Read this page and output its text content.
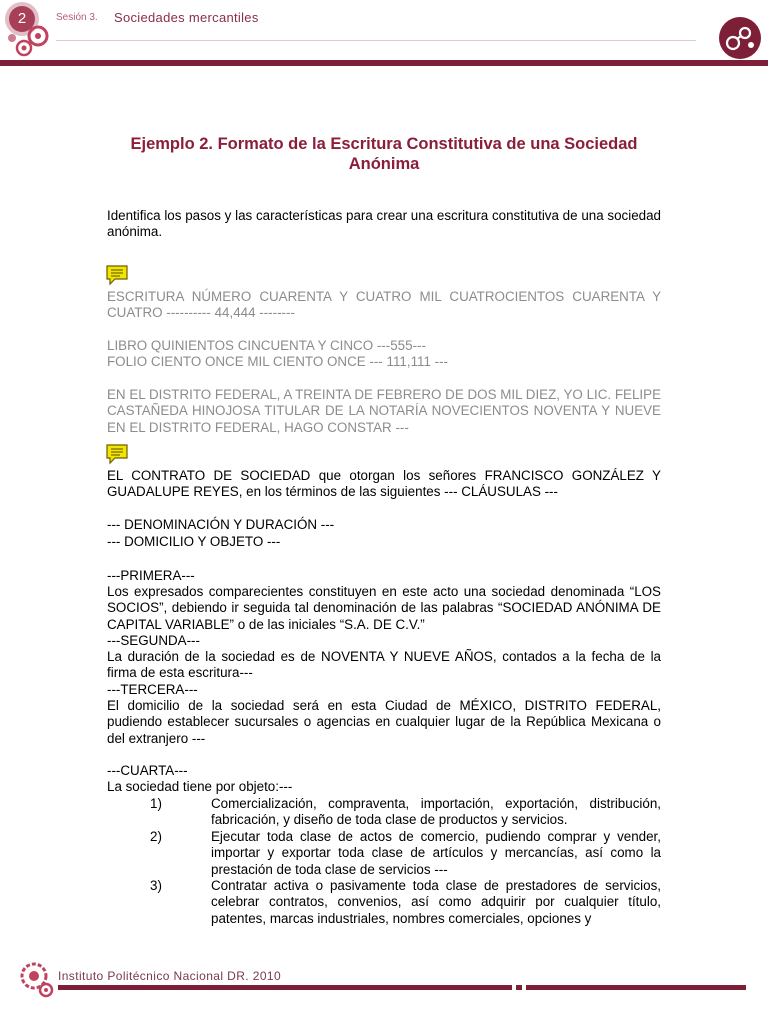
2	Sesión 3. Sociedades mercantiles
Ejemplo 2. Formato de la Escritura Constitutiva de una Sociedad Anónima
Identifica los pasos y las características para crear una escritura constitutiva de una sociedad anónima.
ESCRITURA NÚMERO CUARENTA Y CUATRO MIL CUATROCIENTOS CUARENTA Y CUATRO ---------- 44,444 --------
LIBRO QUINIENTOS CINCUENTA Y CINCO ---555---
FOLIO CIENTO ONCE MIL CIENTO ONCE --- 111,111 ---
EN EL DISTRITO FEDERAL, A TREINTA DE FEBRERO DE DOS MIL DIEZ, YO LIC. FELIPE CASTAÑEDA HINOJOSA TITULAR DE LA NOTARÍA NOVECIENTOS NOVENTA Y NUEVE EN EL DISTRITO FEDERAL, HAGO CONSTAR ---
EL CONTRATO DE SOCIEDAD que otorgan los señores FRANCISCO GONZÁLEZ Y GUADALUPE REYES, en los términos de las siguientes --- CLÁUSULAS ---
--- DENOMINACIÓN Y DURACIÓN ---
--- DOMICILIO Y OBJETO ---
---PRIMERA---
Los expresados comparecientes constituyen en este acto una sociedad denominada “LOS SOCIOS”, debiendo ir seguida tal denominación de las palabras “SOCIEDAD ANÓNIMA DE CAPITAL VARIABLE” o de las iniciales “S.A. DE C.V.”
---SEGUNDA---
La duración de la sociedad es de NOVENTA Y NUEVE AÑOS, contados a la fecha de la firma de esta escritura---
---TERCERA---
El domicilio de la sociedad será en esta Ciudad de MÉXICO, DISTRITO FEDERAL, pudiendo establecer sucursales o agencias en cualquier lugar de la República Mexicana o del extranjero ---
---CUARTA---
La sociedad tiene por objeto:---
1)	Comercialización, compraventa, importación, exportación, distribución, fabricación, y diseño de toda clase de productos y servicios.
2)	Ejecutar toda clase de actos de comercio, pudiendo comprar y vender, importar y exportar toda clase de artículos y mercancías, así como la prestación de toda clase de servicios ---
3)	Contratar activa o pasivamente toda clase de prestadores de servicios, celebrar contratos, convenios, así como adquirir por cualquier título, patentes, marcas industriales, nombres comerciales, opciones y
Instituto Politécnico Nacional DR. 2010
